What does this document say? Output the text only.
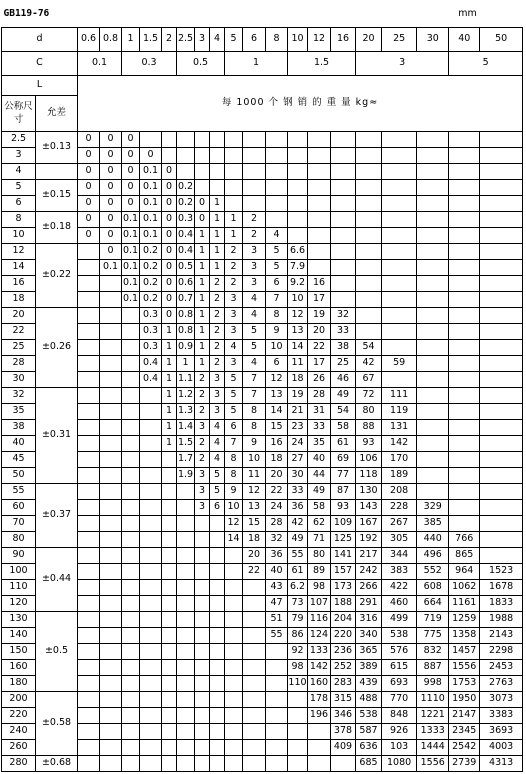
GB119-76																		mm		
d		0.6	0.8	1	1.5	2	2.5	3	4	5	6	8	10	12	16	20	25	30	40	50
C		0.1		0.3			0.5			1			1.5			3			5	
L		每 1000 个 钢 销 的 重 量 kg≈																		
公称尺寸	允差																			
2.5	±0.13	0	0	0																
3		0	0	0	0															
4		0	0	0	0.1	0														
5	±0.15	0	0	0	0.1	0	0.2													
6		0	0	0	0.1	0	0.2	0	1											
8	±0.18	0	0	0.1	0.1	0	0.3	0	1	1	2									
10		0	0	0.1	0.1	0	0.4	1	1	1	2	4								
12	±0.22		0	0.1	0.2	0	0.4	1	1	2	3	5	6.6							
14			0.1	0.1	0.2	0	0.5	1	1	2	3	5	7.9							
16				0.1	0.2	0	0.6	1	2	2	3	6	9.2	16						
18				0.1	0.2	0	0.7	1	2	3	4	7	10	17						
20	±0.26				0.3	0	0.8	1	2	3	4	8	12	19	32					
22					0.3	1	0.8	1	2	3	5	9	13	20	33					
25					0.3	1	0.9	1	2	4	5	10	14	22	38	54				
28					0.4	1	1	1	2	3	4	6	11	17	25	42	59			
30					0.4	1	1.1	2	3	5	7	12	18	26	46	67				
32	±0.31					1	1.2	2	3	5	7	13	19	28	49	72	111			
35						1	1.3	2	3	5	8	14	21	31	54	80	119			
38						1	1.4	3	4	6	8	15	23	33	58	88	131			
40						1	1.5	2	4	7	9	16	24	35	61	93	142			
45							1.7	2	4	8	10	18	27	40	69	106	170			
50							1.9	3	5	8	11	20	30	44	77	118	189			
55	±0.37							3	5	9	12	22	33	49	87	130	208			
60								3	6	10	13	24	36	58	93	143	228	329		
70										12	15	28	42	62	109	167	267	385		
80										14	18	32	49	71	125	192	305	440	766	
90	±0.44										20	36	55	80	141	217	344	496	865	
100											22	40	61	89	157	242	383	552	964	1523
110												43	6.2	98	173	266	422	608	1062	1678
120												47	73	107	188	291	460	664	1161	1833
130	±0.5											51	79	116	204	316	499	719	1259	1988
140												55	86	124	220	340	538	775	1358	2143
150													92	133	236	365	576	832	1457	2298
160													98	142	252	389	615	887	1556	2453
180													110	160	283	439	693	998	1753	2763
200	±0.58													178	315	488	770	1110	1950	3073
220														196	346	538	848	1221	2147	3383
240															378	587	926	1333	2345	3693
260															409	636	103	1444	2542	4003
280	±0.68															685	1080	1556	2739	4313
